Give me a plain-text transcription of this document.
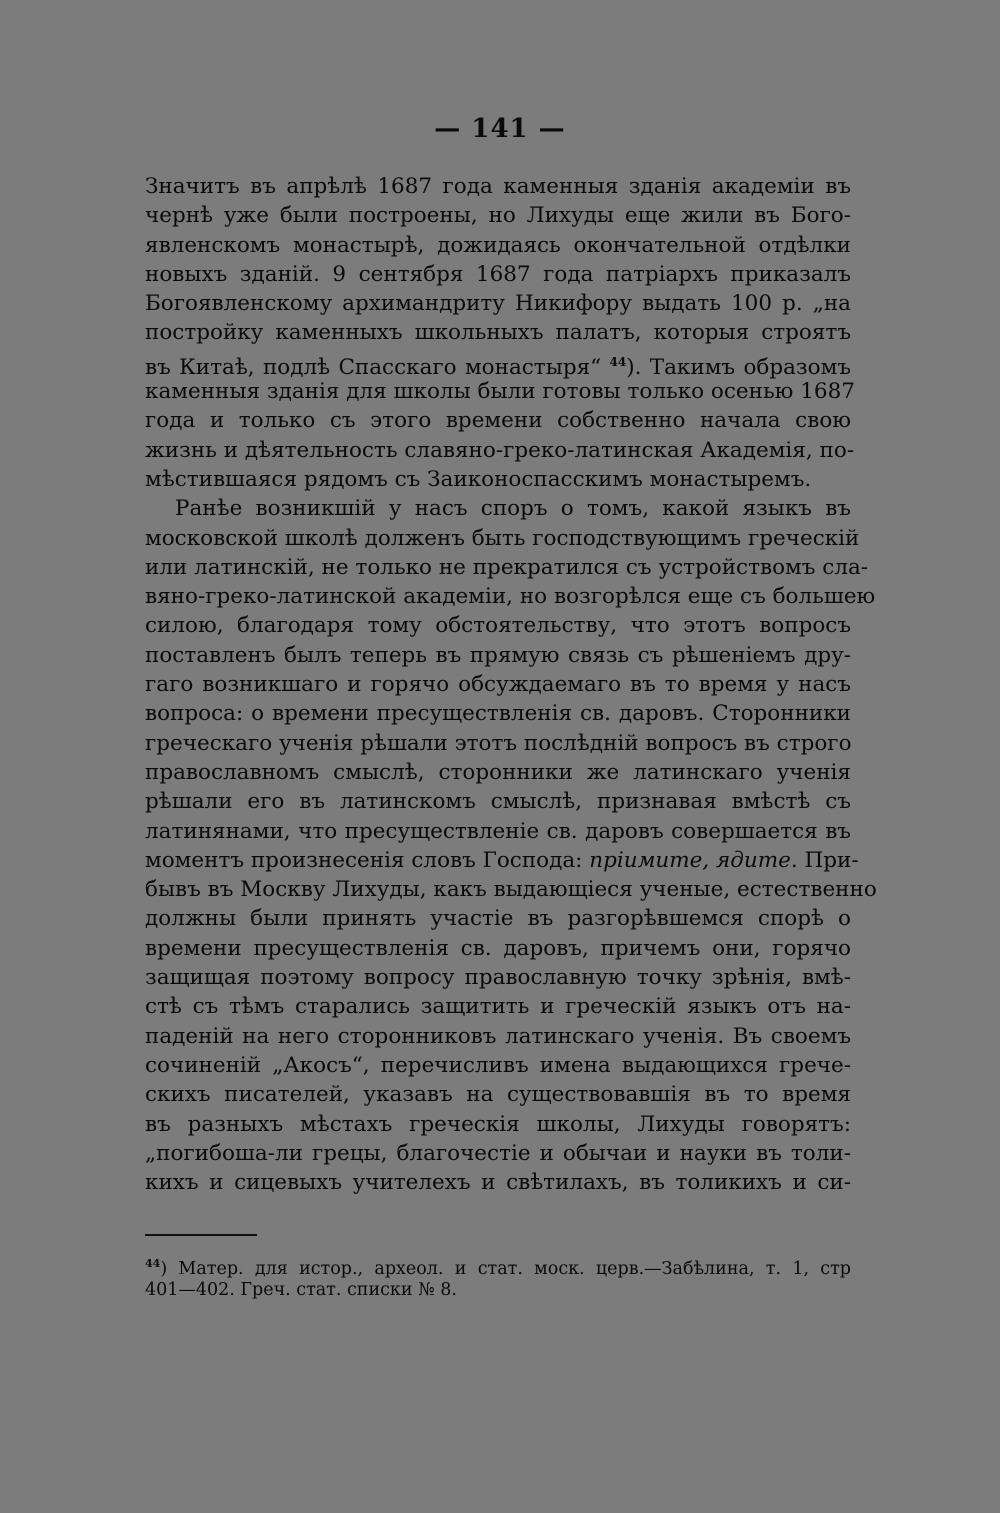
— 141 —
Значитъ въ апрѣлѣ 1687 года каменныя зданія академіи въ
чернѣ уже были построены, но Лихуды еще жили въ Бого-
явленскомъ монастырѣ, дожидаясь окончательной отдѣлки
новыхъ зданій. 9 сентября 1687 года патріархъ приказалъ
Богоявленскому архимандриту Никифору выдать 100 р. „на
постройку каменныхъ школьныхъ палатъ, которыя строятъ
въ Китаѣ, подлѣ Спасскаго монастыря“ $^{44}$). Такимъ образомъ
каменныя зданія для школы были готовы только осенью 1687
года и только съ этого времени собственно начала свою
жизнь и дѣятельность славяно-греко-латинская Академія, по-
мѣстившаяся рядомъ съ Заиконоспасскимъ монастыремъ.
Ранѣе возникшій у насъ споръ о томъ, какой языкъ въ
московской школѣ долженъ быть господствующимъ греческій
или латинскій, не только не прекратился съ устройствомъ сла-
вяно-греко-латинской академіи, но возгорѣлся еще съ большею
силою, благодаря тому обстоятельству, что этотъ вопросъ
поставленъ былъ теперь въ прямую связь съ рѣшеніемъ дру-
гаго возникшаго и горячо обсуждаемаго въ то время у насъ
вопроса: о времени пресуществленія св. даровъ. Сторонники
греческаго ученія рѣшали этотъ послѣдній вопросъ въ строго
православномъ смыслѣ, сторонники же латинскаго ученія
рѣшали его въ латинскомъ смыслѣ, признавая вмѣстѣ съ
латинянами, что пресуществленіе св. даровъ совершается въ
моментъ произнесенія словъ Господа: пріимите, ядите. При-
бывъ въ Москву Лихуды, какъ выдающіеся ученые, естественно
должны были принять участіе въ разгорѣвшемся спорѣ о
времени пресуществленія св. даровъ, причемъ они, горячо
защищая поэтому вопросу православную точку зрѣнія, вмѣ-
стѣ съ тѣмъ старались защитить и греческій языкъ отъ на-
паденій на него сторонниковъ латинскаго ученія. Въ своемъ
сочиненій „Акосъ“, перечисливъ имена выдающихся грече-
скихъ писателей, указавъ на существовавшія въ то время
въ разныхъ мѣстахъ греческія школы, Лихуды говорятъ:
„погибоша-ли грецы, благочестіе и обычаи и науки въ толи-
кихъ и сицевыхъ учителехъ и свѣтилахъ, въ толикихъ и си-
$^{44}$) Матер. для истор., археол. и стат. моск. церв.—Забѣлина, т. 1, стр
401—402. Греч. стат. списки № 8.
